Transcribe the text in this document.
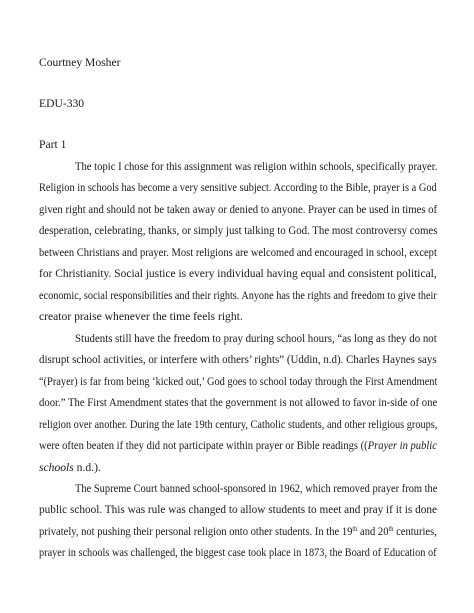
Courtney Mosher
EDU-330
Part 1
The topic I chose for this assignment was religion within schools, specifically prayer.
Religion in schools has become a very sensitive subject. According to the Bible, prayer is a God
given right and should not be taken away or denied to anyone. Prayer can be used in times of
desperation, celebrating, thanks, or simply just talking to God. The most controversy comes
between Christians and prayer. Most religions are welcomed and encouraged in school, except
for Christianity. Social justice is every individual having equal and consistent political,
economic, social responsibilities and their rights. Anyone has the rights and freedom to give their
creator praise whenever the time feels right.
Students still have the freedom to pray during school hours, “as long as they do not
disrupt school activities, or interfere with others’ rights” (Uddin, n.d). Charles Haynes says
“(Prayer) is far from being ‘kicked out,’ God goes to school today through the First Amendment
door.” The First Amendment states that the government is not allowed to favor in-side of one
religion over another. During the late 19th century, Catholic students, and other religious groups,
were often beaten if they did not participate within prayer or Bible readings ((Prayer in public
schools n.d.).
The Supreme Court banned school-sponsored in 1962, which removed prayer from the
public school. This was rule was changed to allow students to meet and pray if it is done
privately, not pushing their personal religion onto other students. In the 19th and 20th centuries,
prayer in schools was challenged, the biggest case took place in 1873, the Board of Education of
